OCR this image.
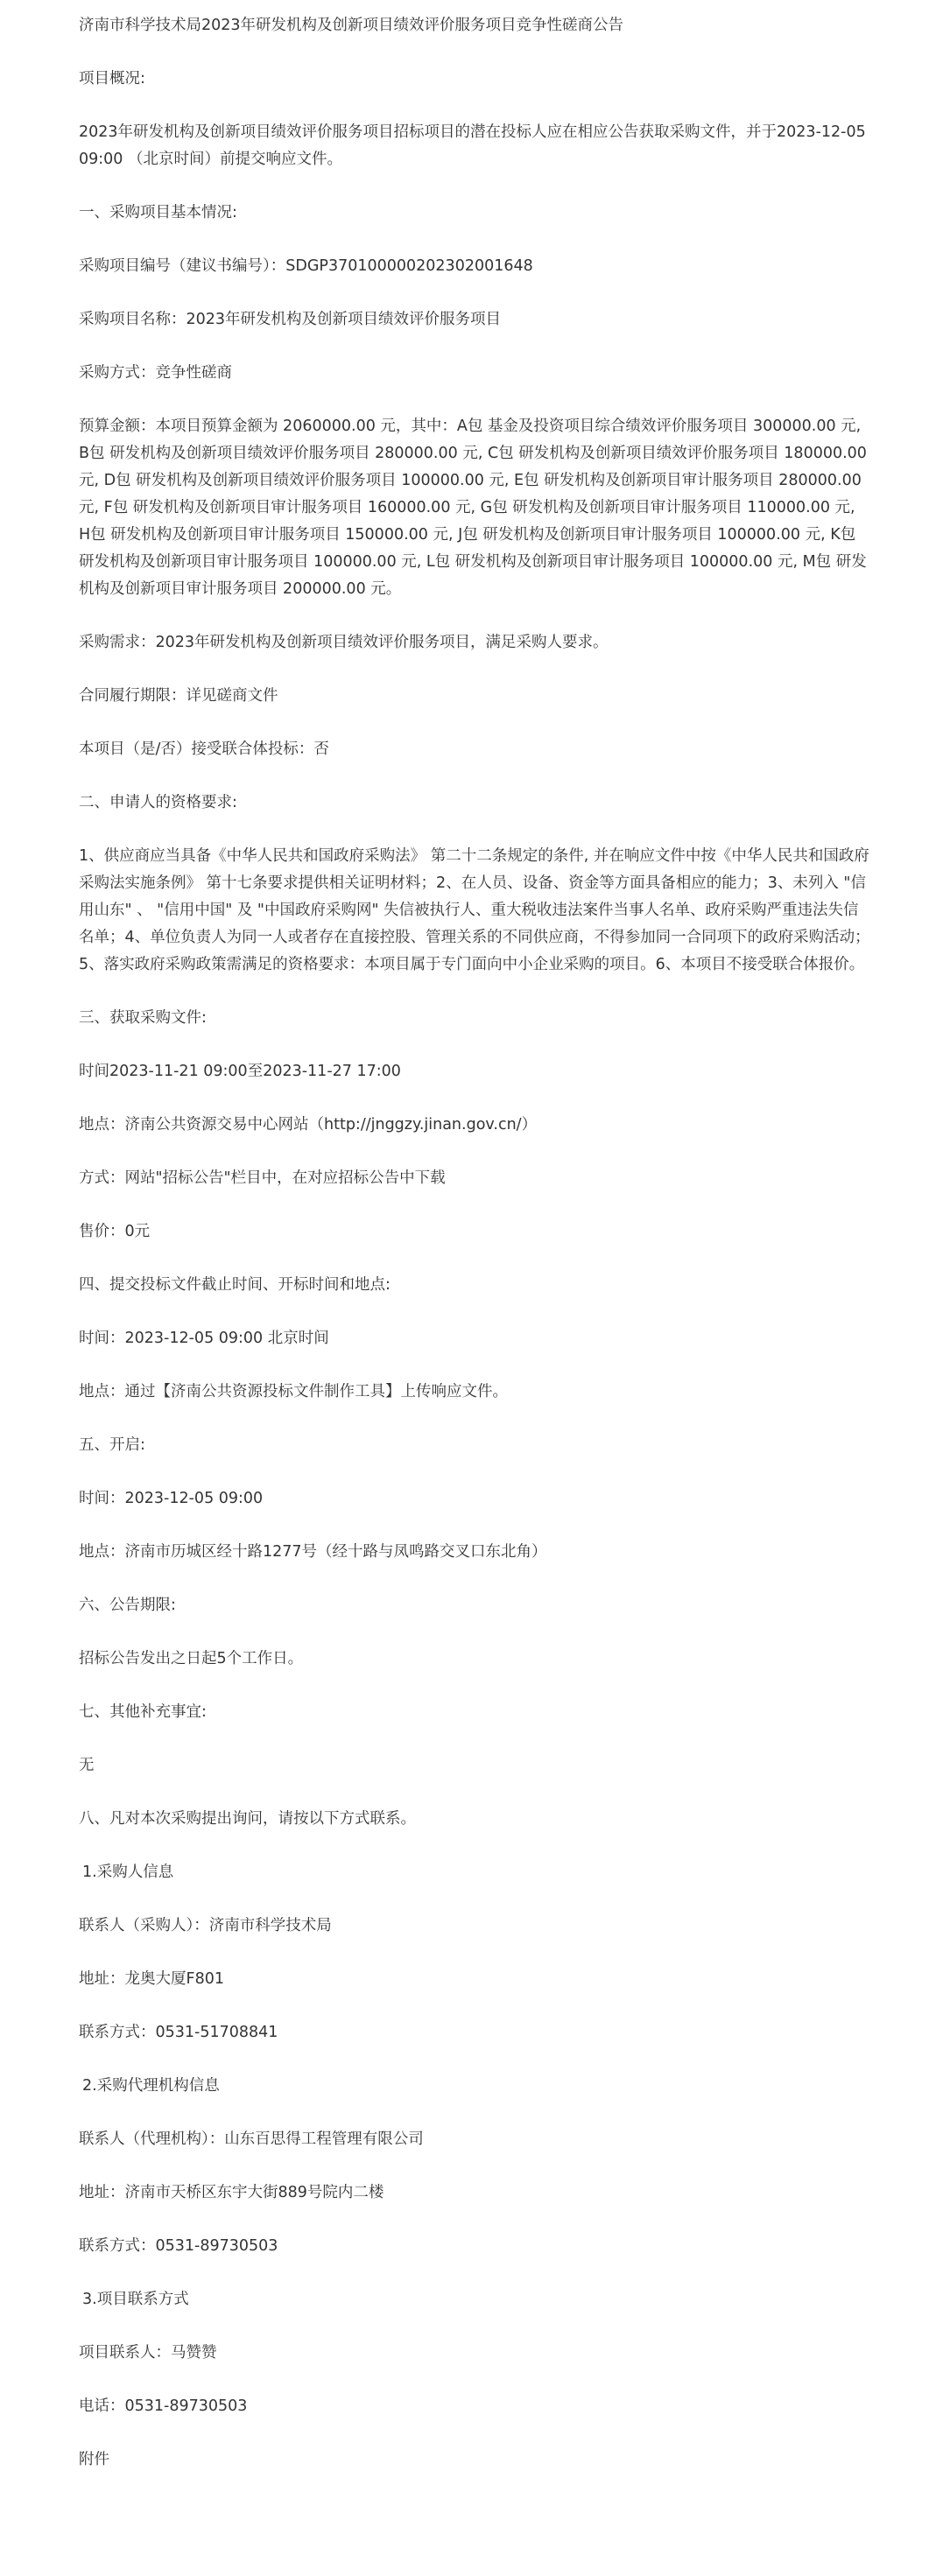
济南市科学技术局2023年研发机构及创新项目绩效评价服务项目竞争性磋商公告

项目概况:

2023年研发机构及创新项目绩效评价服务项目招标项目的潜在投标人应在相应公告获取采购文件，并于2023-12-05 09:00 （北京时间）前提交响应文件。

一、采购项目基本情况:

采购项目编号（建议书编号）：SDGP370100000202302001648

采购项目名称：2023年研发机构及创新项目绩效评价服务项目

采购方式：竞争性磋商

预算金额：本项目预算金额为 2060000.00 元，其中：A包 基金及投资项目综合绩效评价服务项目 300000.00 元, B包 研发机构及创新项目绩效评价服务项目 280000.00 元, C包 研发机构及创新项目绩效评价服务项目 180000.00 元, D包 研发机构及创新项目绩效评价服务项目 100000.00 元, E包 研发机构及创新项目审计服务项目 280000.00 元, F包 研发机构及创新项目审计服务项目 160000.00 元, G包 研发机构及创新项目审计服务项目 110000.00 元, H包 研发机构及创新项目审计服务项目 150000.00 元, J包 研发机构及创新项目审计服务项目 100000.00 元, K包 研发机构及创新项目审计服务项目 100000.00 元, L包 研发机构及创新项目审计服务项目 100000.00 元, M包 研发机构及创新项目审计服务项目 200000.00 元。

采购需求：2023年研发机构及创新项目绩效评价服务项目，满足采购人要求。

合同履行期限：详见磋商文件

本项目（是/否）接受联合体投标：否

二、申请人的资格要求:

1、供应商应当具备《中华人民共和国政府采购法》 第二十二条规定的条件, 并在响应文件中按《中华人民共和国政府采购法实施条例》 第十七条要求提供相关证明材料；2、在人员、设备、资金等方面具备相应的能力；3、未列入 "信用山东" 、 "信用中国" 及 "中国政府采购网" 失信被执行人、重大税收违法案件当事人名单、政府采购严重违法失信名单；4、单位负责人为同一人或者存在直接控股、管理关系的不同供应商，不得参加同一合同项下的政府采购活动； 5、落实政府采购政策需满足的资格要求：本项目属于专门面向中小企业采购的项目。6、本项目不接受联合体报价。

三、获取采购文件:

时间2023-11-21 09:00至2023-11-27 17:00

地点：济南公共资源交易中心网站（http://jnggzy.jinan.gov.cn/）

方式：网站"招标公告"栏目中，在对应招标公告中下载

售价：0元

四、提交投标文件截止时间、开标时间和地点:

时间：2023-12-05 09:00 北京时间

地点：通过【济南公共资源投标文件制作工具】上传响应文件。

五、开启:

时间：2023-12-05 09:00

地点：济南市历城区经十路1277号（经十路与凤鸣路交叉口东北角）

六、公告期限:

招标公告发出之日起5个工作日。

七、其他补充事宜:

无

八、凡对本次采购提出询问，请按以下方式联系。

1.采购人信息

联系人（采购人）：济南市科学技术局

地址：龙奥大厦F801

联系方式：0531-51708841

2.采购代理机构信息

联系人（代理机构）：山东百思得工程管理有限公司

地址：济南市天桥区东宇大街889号院内二楼

联系方式：0531-89730503

3.项目联系方式

项目联系人：马赞赞

电话：0531-89730503

附件
